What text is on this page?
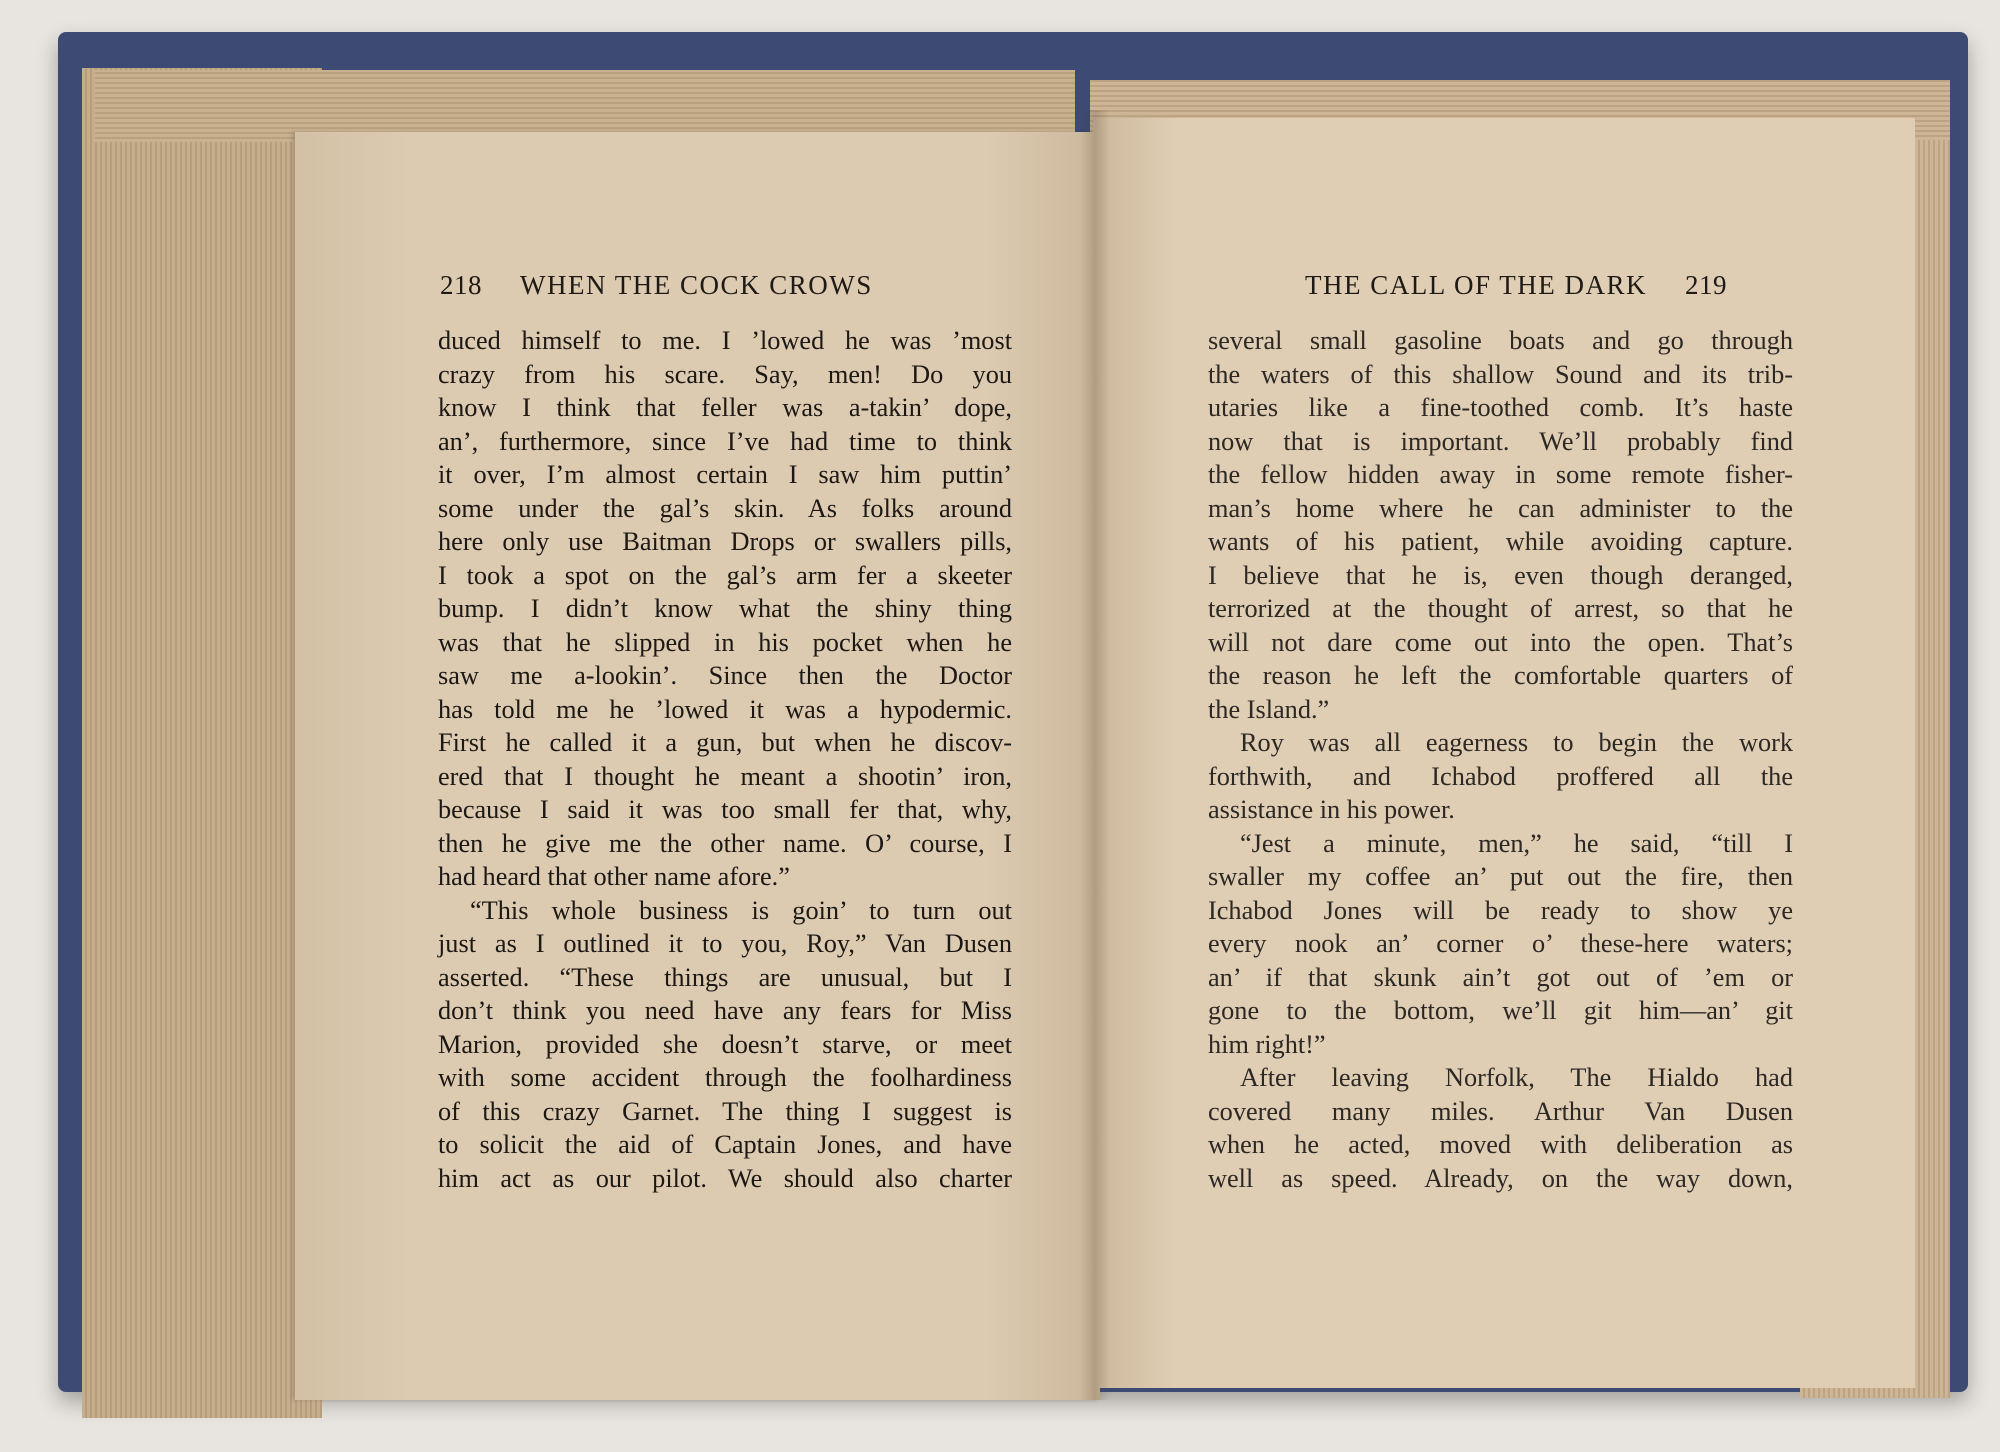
218 WHEN THE COCK CROWS	THE CALL OF THE DARK 219
duced himself to me. I ’lowed he was ’most
crazy from his scare. Say, men! Do you
know I think that feller was a-takin’ dope,
an’, furthermore, since I’ve had time to think
it over, I’m almost certain I saw him puttin’
some under the gal’s skin. As folks around
here only use Baitman Drops or swallers pills,
I took a spot on the gal’s arm fer a skeeter
bump. I didn’t know what the shiny thing
was that he slipped in his pocket when he
saw me a-lookin’. Since then the Doctor
has told me he ’lowed it was a hypodermic.
First he called it a gun, but when he discov-
ered that I thought he meant a shootin’ iron,
because I said it was too small fer that, why,
then he give me the other name. O’ course, I
had heard that other name afore.”
“This whole business is goin’ to turn out
just as I outlined it to you, Roy,” Van Dusen
asserted. “These things are unusual, but I
don’t think you need have any fears for Miss
Marion, provided she doesn’t starve, or meet
with some accident through the foolhardiness
of this crazy Garnet. The thing I suggest is
to solicit the aid of Captain Jones, and have
him act as our pilot. We should also charter
several small gasoline boats and go through
the waters of this shallow Sound and its trib-
utaries like a fine-toothed comb. It’s haste
now that is important. We’ll probably find
the fellow hidden away in some remote fisher-
man’s home where he can administer to the
wants of his patient, while avoiding capture.
I believe that he is, even though deranged,
terrorized at the thought of arrest, so that he
will not dare come out into the open. That’s
the reason he left the comfortable quarters of
the Island.”
Roy was all eagerness to begin the work
forthwith, and Ichabod proffered all the
assistance in his power.
“Jest a minute, men,” he said, “till I
swaller my coffee an’ put out the fire, then
Ichabod Jones will be ready to show ye
every nook an’ corner o’ these-here waters;
an’ if that skunk ain’t got out of ’em or
gone to the bottom, we’ll git him—an’ git
him right!”
After leaving Norfolk, The Hialdo had
covered many miles. Arthur Van Dusen
when he acted, moved with deliberation as
well as speed. Already, on the way down,
